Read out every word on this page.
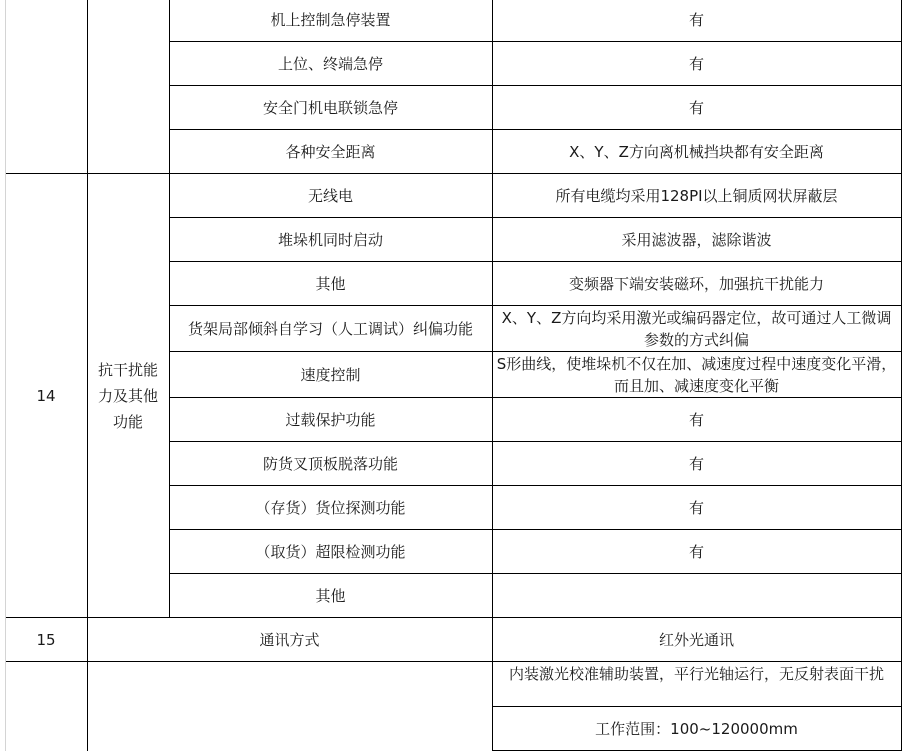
			机上控制急停装置	有	
			上位、终端急停	有	
			安全门机电联锁急停	有	
			各种安全距离	X、Y、Z方向离机械挡块都有安全距离	
	14	抗干扰能力及其他功能	无线电	所有电缆均采用128PI以上铜质网状屏蔽层	
			堆垛机同时启动	采用滤波器，滤除谐波	
			其他	变频器下端安装磁环，加强抗干扰能力	
			货架局部倾斜自学习（人工调试）纠偏功能	X、Y、Z方向均采用激光或编码器定位，故可通过人工微调参数的方式纠偏	
			速度控制	S形曲线，使堆垛机不仅在加、减速度过程中速度变化平滑，而且加、减速度变化平衡	
			过载保护功能	有	
			防货叉顶板脱落功能	有	
			（存货）货位探测功能	有	
			（取货）超限检测功能	有	
			其他		
	15	通讯方式		红外光通讯	
				内装激光校准辅助装置，平行光轴运行，无反射表面干扰	
				工作范围：100~120000mm	
